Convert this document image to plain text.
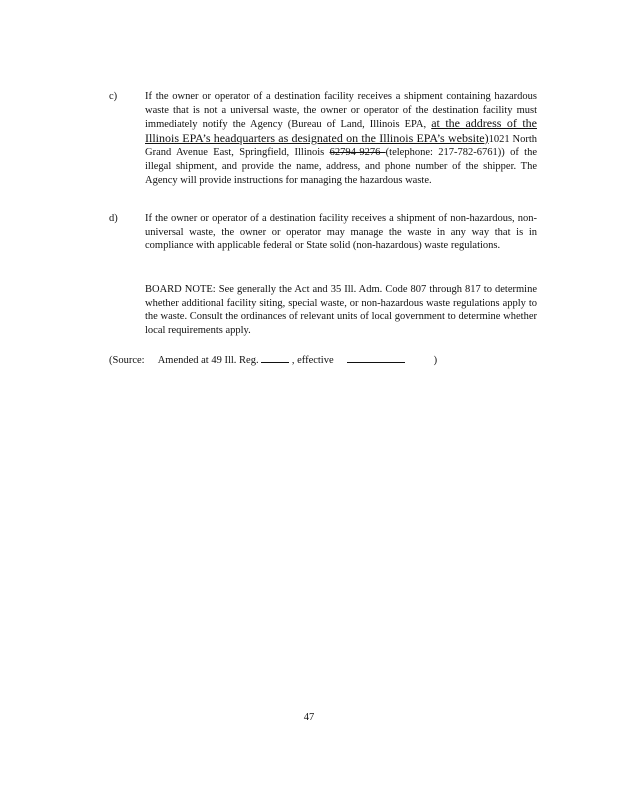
c)	If the owner or operator of a destination facility receives a shipment containing hazardous waste that is not a universal waste, the owner or operator of the destination facility must immediately notify the Agency (Bureau of Land, Illinois EPA, at the address of the Illinois EPA’s headquarters as designated on the Illinois EPA’s website)1021 North Grand Avenue East, Springfield, Illinois 62794-9276 (telephone: 217-782-6761)) of the illegal shipment, and provide the name, address, and phone number of the shipper. The Agency will provide instructions for managing the hazardous waste.
d)	If the owner or operator of a destination facility receives a shipment of non-hazardous, non-universal waste, the owner or operator may manage the waste in any way that is in compliance with applicable federal or State solid (non-hazardous) waste regulations.
BOARD NOTE: See generally the Act and 35 Ill. Adm. Code 807 through 817 to determine whether additional facility siting, special waste, or non-hazardous waste regulations apply to the waste. Consult the ordinances of relevant units of local government to determine whether local requirements apply.
(Source: Amended at 49 Ill. Reg.	, effective	)
47
